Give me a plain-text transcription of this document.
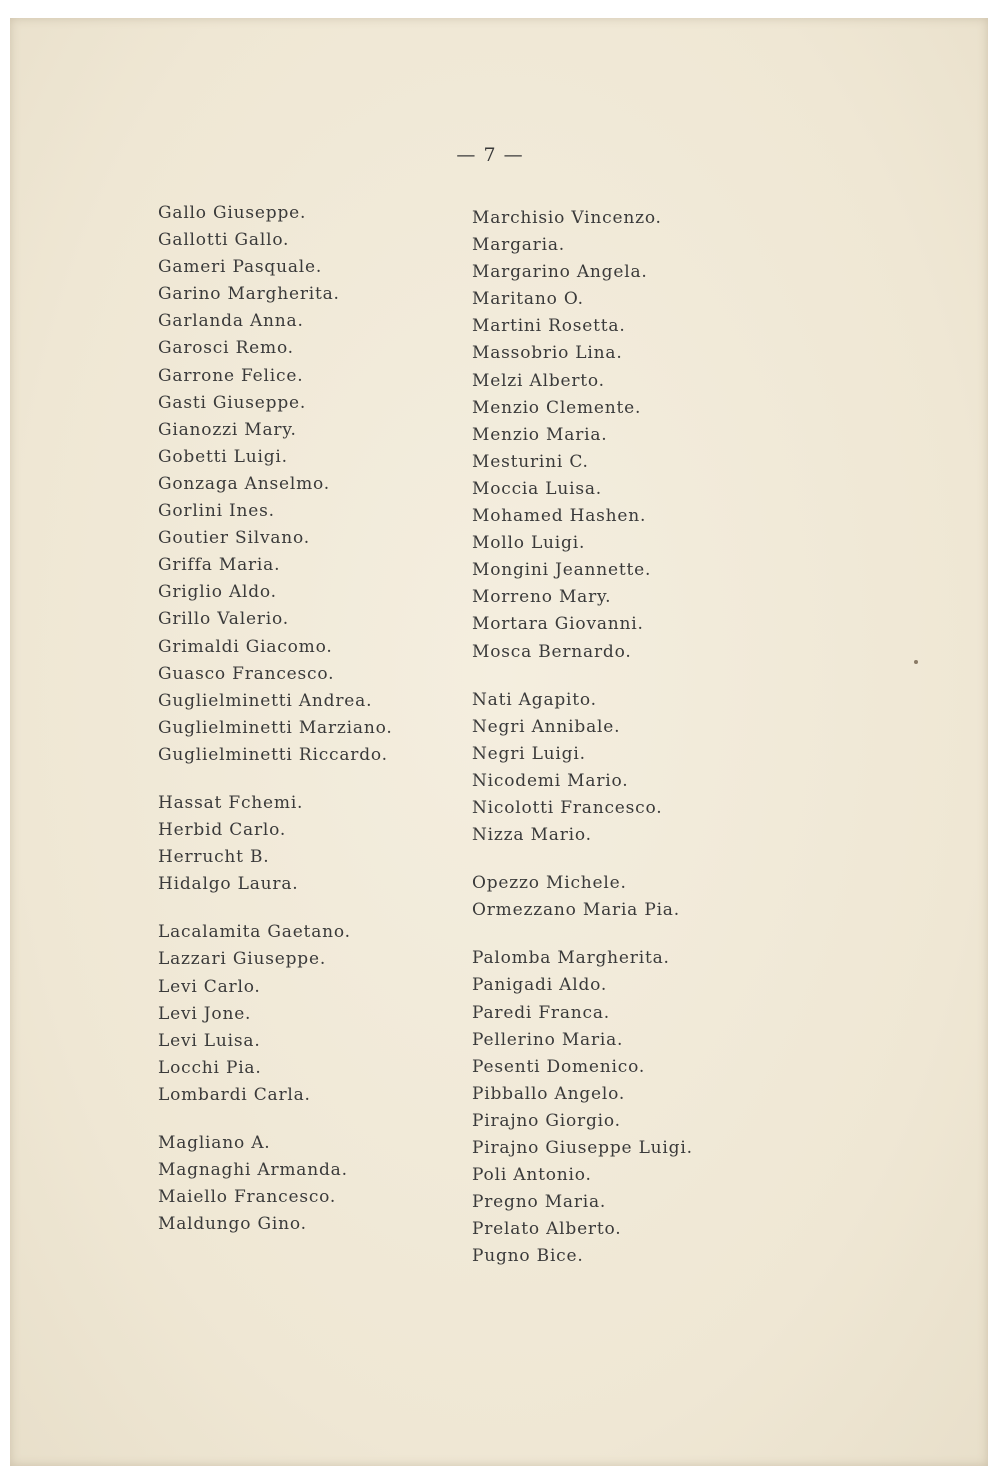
— 7 —
Gallo Giuseppe.
Gallotti Gallo.
Gameri Pasquale.
Garino Margherita.
Garlanda Anna.
Garosci Remo.
Garrone Felice.
Gasti Giuseppe.
Gianozzi Mary.
Gobetti Luigi.
Gonzaga Anselmo.
Gorlini Ines.
Goutier Silvano.
Griffa Maria.
Griglio Aldo.
Grillo Valerio.
Grimaldi Giacomo.
Guasco Francesco.
Guglielminetti Andrea.
Guglielminetti Marziano.
Guglielminetti Riccardo.
Hassat Fchemi.
Herbid Carlo.
Herrucht B.
Hidalgo Laura.
Lacalamita Gaetano.
Lazzari Giuseppe.
Levi Carlo.
Levi Jone.
Levi Luisa.
Locchi Pia.
Lombardi Carla.
Magliano A.
Magnaghi Armanda.
Maiello Francesco.
Maldungo Gino.
Marchisio Vincenzo.
Margaria.
Margarino Angela.
Maritano O.
Martini Rosetta.
Massobrio Lina.
Melzi Alberto.
Menzio Clemente.
Menzio Maria.
Mesturini C.
Moccia Luisa.
Mohamed Hashen.
Mollo Luigi.
Mongini Jeannette.
Morreno Mary.
Mortara Giovanni.
Mosca Bernardo.
Nati Agapito.
Negri Annibale.
Negri Luigi.
Nicodemi Mario.
Nicolotti Francesco.
Nizza Mario.
Opezzo Michele.
Ormezzano Maria Pia.
Palomba Margherita.
Panigadi Aldo.
Paredi Franca.
Pellerino Maria.
Pesenti Domenico.
Pibballo Angelo.
Pirajno Giorgio.
Pirajno Giuseppe Luigi.
Poli Antonio.
Pregno Maria.
Prelato Alberto.
Pugno Bice.
